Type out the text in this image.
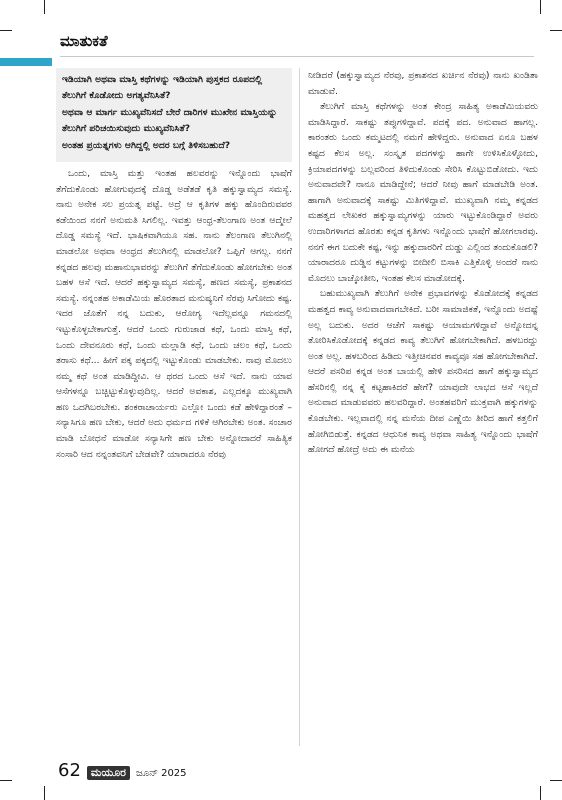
ಮಾತುಕತೆ
ಇಡಿಯಾಗಿ ಅಥವಾ ಮಾಸ್ತಿ ಕಥೆಗಳನ್ನು ಇಡಿಯಾಗಿ ಪುಸ್ತಕದ ರೂಪದಲ್ಲಿ ತೆಲುಗಿಗೆ ಕೊಡೋದು ಅಗತ್ಯವೆನಿಸಿತೆ?
ಅಥವಾ ಆ ಮಾರ್ಗ ಮುಖ್ಯವೆನಿಸದೆ ಬೇರೆ ದಾರಿಗಳ ಮುಖೇನ ಮಾಸ್ತಿಯನ್ನು ತೆಲುಗಿಗೆ ಪರಿಚಯಿಸುವುದು ಮುಖ್ಯವೆನಿಸಿತೆ?
ಅಂತಹ ಪ್ರಯತ್ನಗಳು ಆಗಿದ್ದಲ್ಲಿ ಅದರ ಬಗ್ಗೆ ತಿಳಿಸಬಹುದೆ?

ಒಂದು, ಮಾಸ್ತಿ ಮತ್ತು ಇಂತಹ ಹಲವರನ್ನು ಇನ್ನೊಂದು ಭಾಷೆಗೆ ತೆಗೆದುಕೊಂಡು ಹೋಗುವುದಕ್ಕೆ ದೊಡ್ಡ ಅಡೆತಡೆ ಕೃತಿ ಹಕ್ಕುಸ್ವಾಮ್ಯದ ಸಮಸ್ಯೆ. ನಾನು ಅನೇಕ ಸಲ ಪ್ರಯತ್ನ ಪಟ್ಟೆ. ಅದ್ರೆ ಆ ಕೃತಿಗಳ ಹಕ್ಕು ಹೊಂದಿರುವವರ ಕಡೆಯಿಂದ ನನಗೆ ಅನುಮತಿ ಸಿಗಲಿಲ್ಲ. ಇವತ್ತು ಆಂಧ್ರ-ತೆಲಂಗಾಣ ಅಂತ ಆದ್ಮೇಲೆ ದೊಡ್ಡ ಸಮಸ್ಯೆ ಇದೆ. ಭಾಷಿಕವಾಗಿಯೂ ಸಹ. ನಾನು ತೆಲಂಗಾಣ ತೆಲುಗಿನಲ್ಲಿ ಮಾಡಲೋ ಅಥವಾ ಆಂಧ್ರದ ತೆಲುಗಿನಲ್ಲಿ ಮಾಡಲೋ? ಒಪ್ಪಿಗೆ ಆಗಲ್ಲ. ನನಗೆ ಕನ್ನಡದ ಹಲವು ಮಹಾನುಭಾವರನ್ನು ತೆಲುಗಿಗೆ ತೆಗೆದುಕೊಂಡು ಹೋಗಬೇಕು ಅಂತ ಬಹಳ ಆಸೆ ಇದೆ. ಆದರೆ ಹಕ್ಕುಸ್ವಾಮ್ಯದ ಸಮಸ್ಯೆ, ಹಣದ ಸಮಸ್ಯೆ, ಪ್ರಕಾಶನದ ಸಮಸ್ಯೆ. ನನ್ನಂತಹ ಅಕಾಡೆಮಿಯ ಹೊರತಾದ ಮನುಷ್ಯನಿಗೆ ನೆರವು ಸಿಗೋದು ಕಷ್ಟ. ಇದರ ಜೊತೆಗೆ ನನ್ನ ಬದುಕು, ಆರೋಗ್ಯ ಇದೆಲ್ಲವನ್ನೂ ಗಮನದಲ್ಲಿ ಇಟ್ಟುಕೊಳ್ಳಬೇಕಾಗುತ್ತೆ. ಆದರೆ ಒಂದು ಗುರುಜಾಡ ಕಥೆ, ಒಂದು ಮಾಸ್ತಿ ಕಥೆ, ಒಂದು ದೇವನೂರು ಕಥೆ, ಒಂದು ಮಲ್ಲಾಡಿ ಕಥೆ, ಒಂದು ಚಲಂ ಕಥೆ, ಒಂದು ತರಾಸು ಕಥೆ... ಹೀಗೆ ಪಕ್ಕ ಪಕ್ಕದಲ್ಲಿ ಇಟ್ಟುಕೊಂಡು ಮಾಡಬೇಕು. ನಾವು ಮೊದಲು ನಮ್ಮ ಕಥೆ ಅಂತ ಮಾಡಿದ್ದೀವಿ. ಆ ಥರದ ಒಂದು ಆಸೆ ಇದೆ. ನಾನು ಯಾವ ಆಸೆಗಳನ್ನೂ ಬಚ್ಚಿಟ್ಟುಕೊಳ್ಳುವುದಿಲ್ಲ. ಆದರೆ ಅವಕಾಶ, ಎಲ್ಲದಕ್ಕೂ ಮುಖ್ಯವಾಗಿ ಹಣ ಒದಗಿಬರಬೇಕು. ಶಂಕರಾಚಾರ್ಯರು ಎಲ್ಲೋ ಒಂದು ಕಡೆ ಹೇಳಿದ್ದಾರಂತೆ – ಸನ್ಯಾಸಿಗೂ ಹಣ ಬೇಕು, ಆದರೆ ಅದು ಧರ್ಮದ ಗಳಿಕೆ ಆಗಿರಬೇಕು ಅಂತ. ಸಂಚಾರ ಮಾಡಿ ಬೋಧನೆ ಮಾಡೋ ಸನ್ಯಾಸಿಗೇ ಹಣ ಬೇಕು ಅನ್ನೋದಾದರೆ ಸಾಹಿತ್ಯಿಕ ಸಂಸಾರಿ ಆದ ನನ್ನಂತವನಿಗೆ ಬೇಡವೇ? ಯಾರಾದರೂ ನೆರವು

ನೀಡಿದರೆ (ಹಕ್ಕುಸ್ವಾಮ್ಯದ ನೆರವು, ಪ್ರಕಾಶನದ ಖರ್ಚಿನ ನೆರವು) ನಾನು ಖಂಡಿತಾ ಮಾಡುವೆ.

ತೆಲುಗಿಗೆ ಮಾಸ್ತಿ ಕಥೆಗಳನ್ನು ಅಂತ ಕೇಂದ್ರ ಸಾಹಿತ್ಯ ಅಕಾಡೆಮಿಯವರು ಮಾಡಿಸಿದ್ದಾರೆ. ಸಾಕಷ್ಟು ತಪ್ಪುಗಳಿದ್ದಾವೆ. ಪದಕ್ಕೆ ಪದ. ಅನುವಾದ ಹಾಗಲ್ಲ. ಕಾರಂತರು ಒಂದು ಕಮ್ಮಟದಲ್ಲಿ ನಮಗೆ ಹೇಳಿದ್ದರು. ಅನುವಾದ ಏನೂ ಬಹಳ ಕಷ್ಟದ ಕೆಲಸ ಅಲ್ಲ. ಸಂಸ್ಕೃತ ಪದಗಳನ್ನು ಹಾಗೇ ಉಳಿಸಿಕೊಳ್ಳೋದು, ಕ್ರಿಯಾಪದಗಳನ್ನು ಬಲ್ಲವರಿಂದ ತಿಳಿದುಕೊಂಡು ಸೇರಿಸಿ ಕೊಟ್ಟುಬಿಡೋದು. ಇದು ಅನುವಾದವೇ? ನಾನೂ ಮಾಡಿದ್ದೇನೆ; ಆದರೆ ನೀವು ಹಾಗೆ ಮಾಡಬೇಡಿ ಅಂತ. ಹಾಗಾಗಿ ಅನುವಾದಕ್ಕೆ ಸಾಕಷ್ಟು ಮಿತಿಗಳಿದ್ದಾವೆ. ಮುಖ್ಯವಾಗಿ ನಮ್ಮ ಕನ್ನಡದ ಮಹತ್ವದ ಲೇಖಕರ ಹಕ್ಕುಸ್ವಾಮ್ಯಗಳನ್ನು ಯಾರು ಇಟ್ಟುಕೊಂಡಿದ್ದಾರೆ ಅವರು ಉದಾರಿಗಳಾಗದ ಹೊರತು ಕನ್ನಡ ಕೃತಿಗಳು ಇನ್ನೊಂದು ಭಾಷೆಗೆ ಹೋಗಲಾರವು. ನನಗೆ ಈಗ ಬದುಕೇ ಕಷ್ಟ, ಇನ್ನು ಹಕ್ಕುದಾರರಿಗೆ ದುಡ್ಡು ಎಲ್ಲಿಂದ ತಂದುಕೊಡಲಿ? ಯಾರಾದರೂ ದುಡ್ಡಿನ ಕಟ್ಟುಗಳನ್ನು ಬೀದೀಲಿ ಬಿಸಾಕಿ ಎತ್ತಿಕೊಳ್ಳಿ ಅಂದರೆ ನಾನು ಮೊದಲು ಬಾಚ್ಕೋತೀನಿ, ಇಂತಹ ಕೆಲಸ ಮಾಡೋದಕ್ಕೆ.

ಬಹುಮುಖ್ಯವಾಗಿ ತೆಲುಗಿಗೆ ಅನೇಕ ಪ್ರಭಾವಗಳನ್ನು ಕೊಡೋದಕ್ಕೆ ಕನ್ನಡದ ಮಹತ್ವದ ಕಾವ್ಯ ಅನುವಾದವಾಗಬೇಕಿದೆ. ಬರೀ ಸಾಮಾಜಿಕತೆ, ಇನ್ನೊಂದು ಅದಷ್ಟೆ ಅಲ್ಲ ಬದುಕು. ಅದರ ಆಚೆಗೆ ಸಾಕಷ್ಟು ಆಯಾಮಗಳಿದ್ದಾವೆ ಅನ್ನೋದನ್ನ ತೋರಿಸಿಕೊಡೋದಕ್ಕೆ ಕನ್ನಡದ ಕಾವ್ಯ ತೆಲುಗಿಗೆ ಹೋಗಬೇಕಾಗಿದೆ. ಹಳಬರದ್ದು ಅಂತ ಅಲ್ಲ. ಹಳಬರಿಂದ ಹಿಡಿದು ಇತ್ತೀಚಿನವರ ಕಾವ್ಯವೂ ಸಹ ಹೋಗಬೇಕಾಗಿದೆ. ಆದರೆ ಪಸರಿಪ ಕನ್ನಡ ಅಂತ ಬಾಯಲ್ಲಿ ಹೇಳಿ ಪಸರಿಸದ ಹಾಗೆ ಹಕ್ಕುಸ್ವಾಮ್ಯದ ಹೆಸರಿನಲ್ಲಿ ನನ್ನ ಕೈ ಕಟ್ಟಹಾಕಿದರೆ ಹೇಗೆ? ಯಾವುದೇ ಲಾಭದ ಆಸೆ ಇಲ್ಲದೆ ಅನುವಾದ ಮಾಡುವವರು ಹಲವರಿದ್ದಾರೆ. ಅಂತಹವರಿಗೆ ಮುಕ್ತವಾಗಿ ಹಕ್ಕುಗಳನ್ನು ಕೊಡಬೇಕು. ಇಲ್ಲವಾದಲ್ಲಿ ನನ್ನ ಮನೆಯ ದೀಪ ಎಣ್ಣೆಯಿ ತೀರಿದ ಹಾಗೆ ಕತ್ತಲಿಗೆ ಹೋಗಿಬಿಡುತ್ತೆ. ಕನ್ನಡದ ಆಧುನಿಕ ಕಾವ್ಯ ಅಥವಾ ಸಾಹಿತ್ಯ ಇನ್ನೊಂದು ಭಾಷೆಗೆ ಹೋಗದೆ ಹೋದ್ರೆ ಅದು ಈ ಮನೆಯ

62 ಮಯೂರ	ಜೂನ್ 2025
